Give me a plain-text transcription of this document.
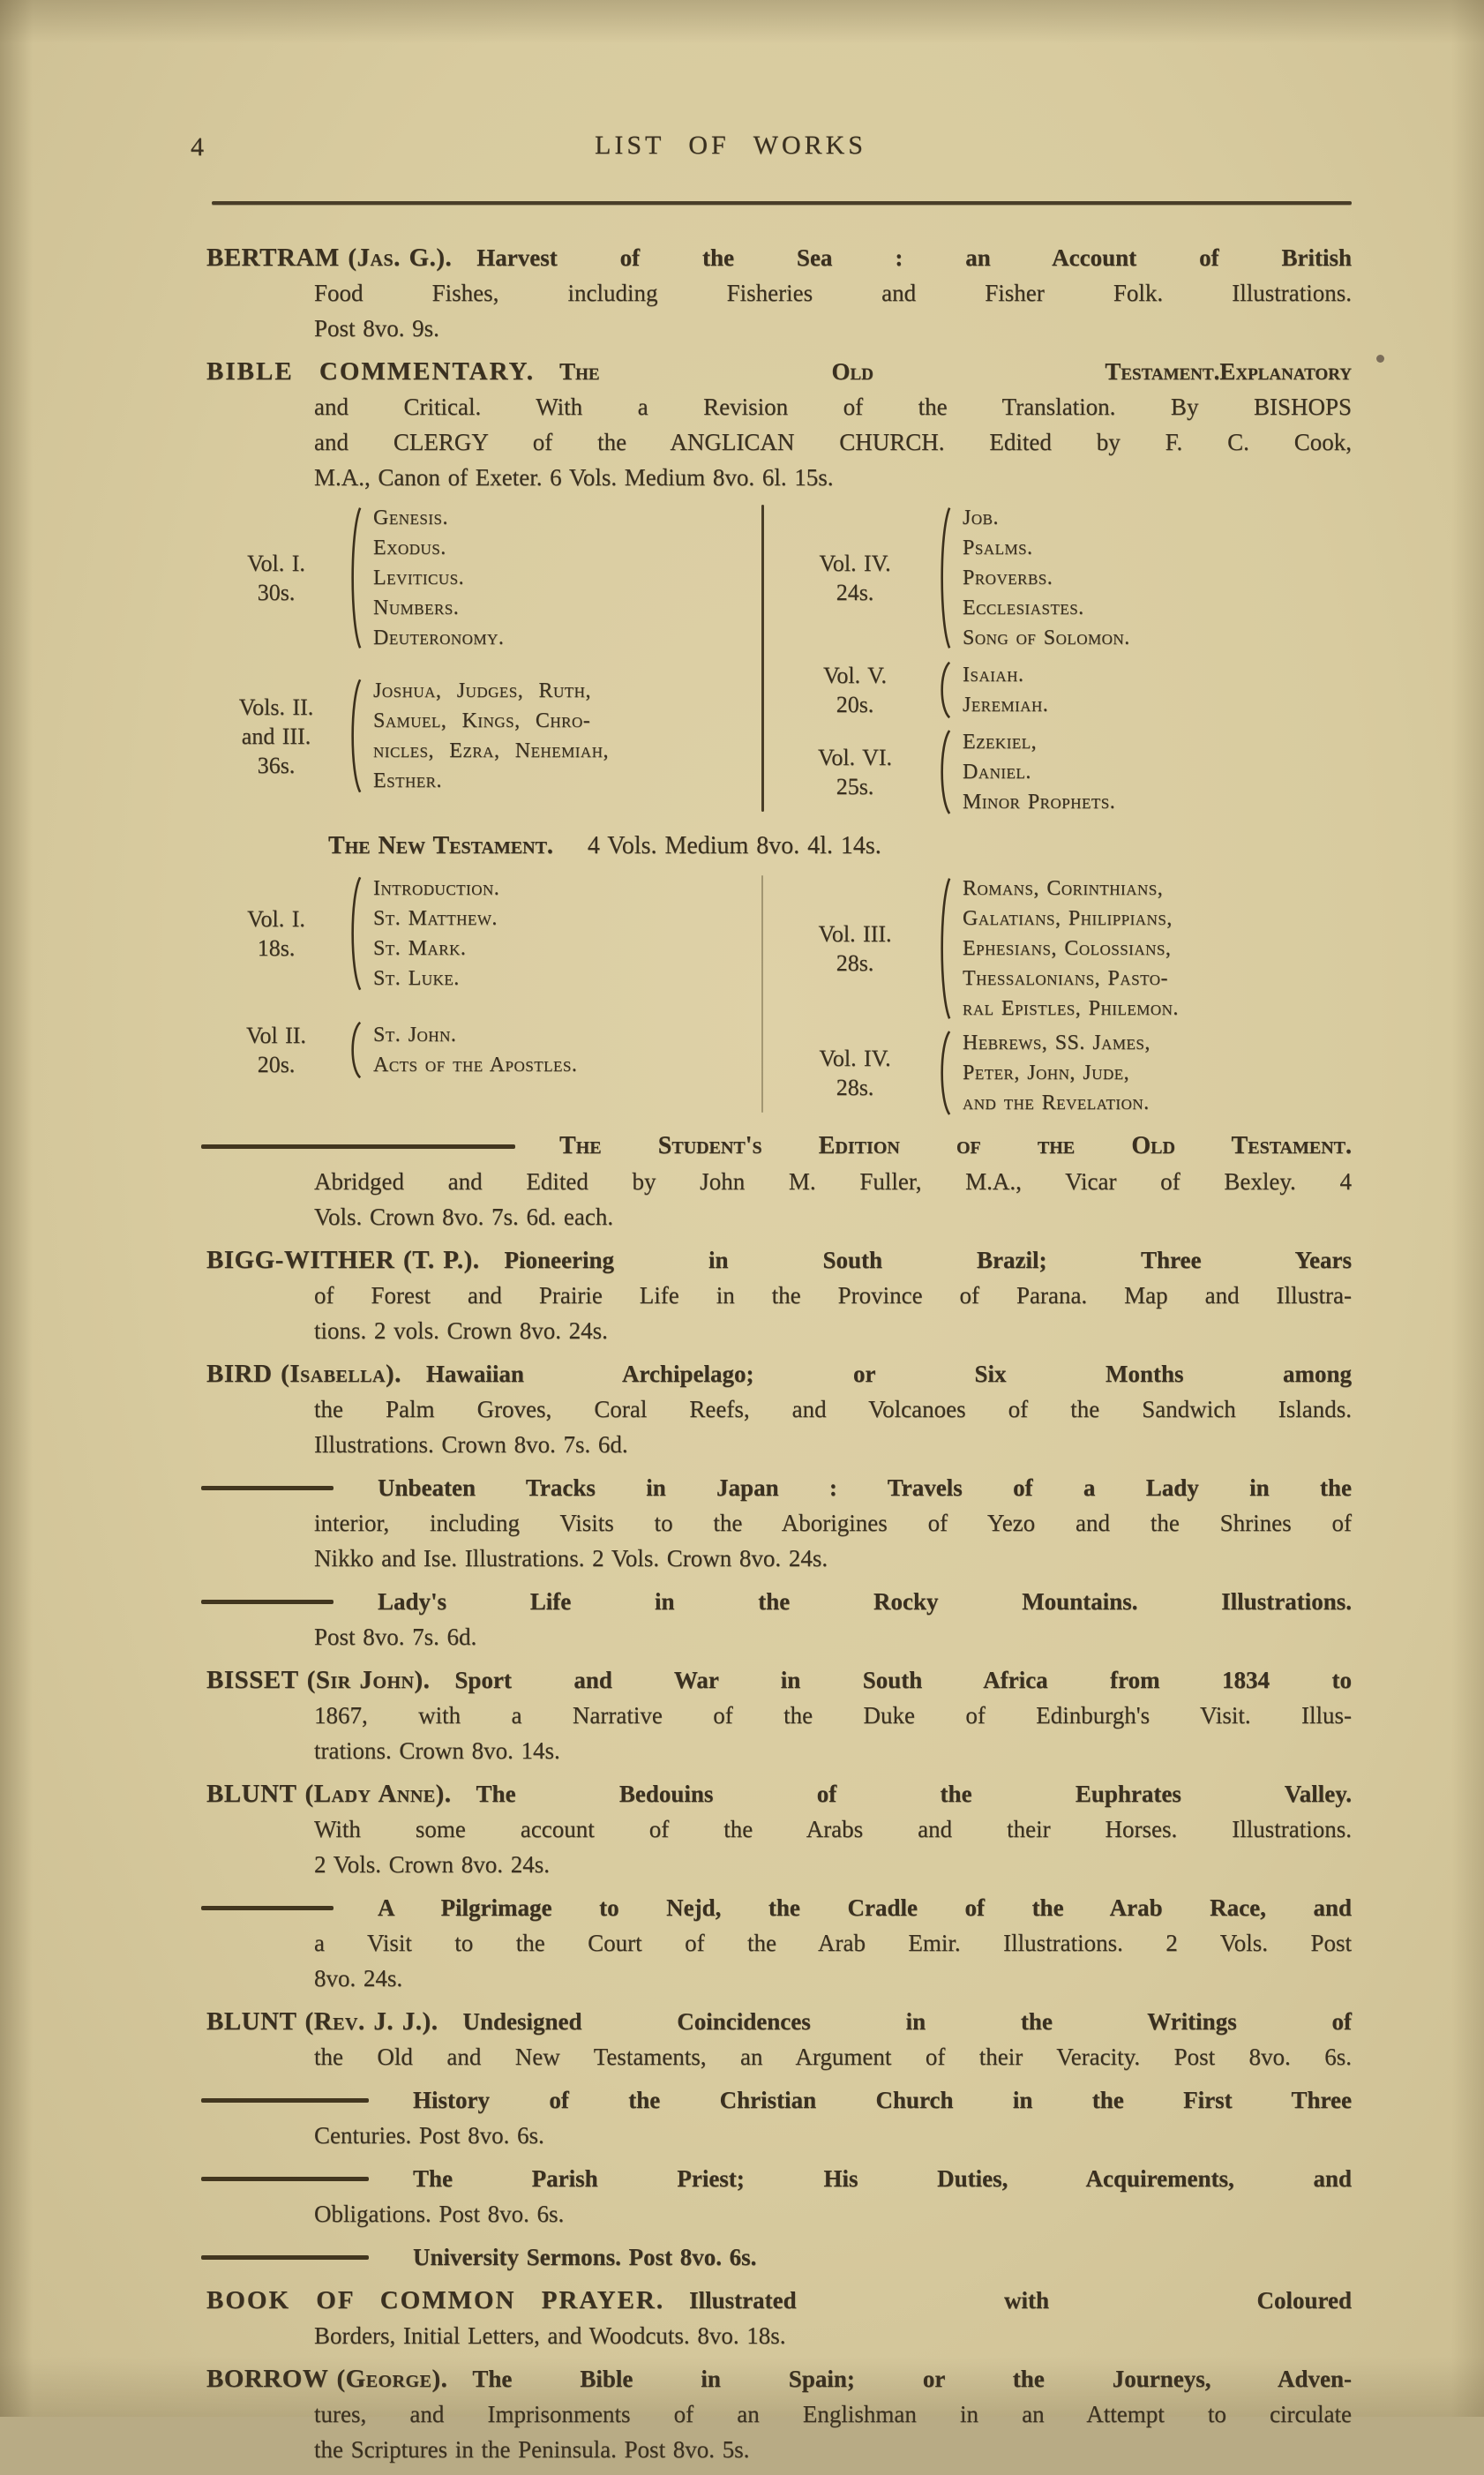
4	LIST OF WORKS
BERTRAM (Jas. G.). Harvest of the Sea : an Account of British
Food Fishes, including Fisheries and Fisher Folk. Illustrations.
Post 8vo. 9s.
BIBLE COMMENTARY. The Old Testament. Explanatory
and Critical. With a Revision of the Translation. By BISHOPS
and CLERGY of the ANGLICAN CHURCH. Edited by F. C. Cook,
M.A., Canon of Exeter. 6 Vols. Medium 8vo. 6l. 15s.
Vol. I.
30s.
Genesis.
Exodus.
Leviticus.
Numbers.
Deuteronomy.
Vols. II.
and III.
36s.
Joshua, Judges, Ruth,
Samuel, Kings, Chro-
nicles, Ezra, Nehemiah,
Esther.
Vol. IV.
24s.
Job.
Psalms.
Proverbs.
Ecclesiastes.
Song of Solomon.
Vol. V.
20s.
Isaiah.
Jeremiah.
Vol. VI.
25s.
Ezekiel,
Daniel.
Minor Prophets.
The New Testament. 4 Vols. Medium 8vo. 4l. 14s.
Vol. I.
18s.
Introduction.
St. Matthew.
St. Mark.
St. Luke.
Vol II.
20s.
St. John.
Acts of the Apostles.
Vol. III.
28s.
Romans, Corinthians,
Galatians, Philippians,
Ephesians, Colossians,
Thessalonians, Pasto-
ral Epistles, Philemon.
Vol. IV.
28s.
Hebrews, SS. James,
Peter, John, Jude,
and the Revelation.
The Student's Edition of the Old Testament.
Abridged and Edited by John M. Fuller, M.A., Vicar of Bexley. 4
Vols. Crown 8vo. 7s. 6d. each.
BIGG-WITHER (T. P.). Pioneering in South Brazil; Three Years
of Forest and Prairie Life in the Province of Parana. Map and Illustra-
tions. 2 vols. Crown 8vo. 24s.
BIRD (Isabella). Hawaiian Archipelago; or Six Months among
the Palm Groves, Coral Reefs, and Volcanoes of the Sandwich Islands.
Illustrations. Crown 8vo. 7s. 6d.
Unbeaten Tracks in Japan : Travels of a Lady in the
interior, including Visits to the Aborigines of Yezo and the Shrines of
Nikko and Ise. Illustrations. 2 Vols. Crown 8vo. 24s.
Lady's Life in the Rocky Mountains. Illustrations.
Post 8vo. 7s. 6d.
BISSET (Sir John). Sport and War in South Africa from 1834 to
1867, with a Narrative of the Duke of Edinburgh's Visit. Illus-
trations. Crown 8vo. 14s.
BLUNT (Lady Anne). The Bedouins of the Euphrates Valley.
With some account of the Arabs and their Horses. Illustrations.
2 Vols. Crown 8vo. 24s.
A Pilgrimage to Nejd, the Cradle of the Arab Race, and
a Visit to the Court of the Arab Emir. Illustrations. 2 Vols. Post
8vo. 24s.
BLUNT (Rev. J. J.). Undesigned Coincidences in the Writings of
the Old and New Testaments, an Argument of their Veracity. Post 8vo. 6s.
History of the Christian Church in the First Three
Centuries. Post 8vo. 6s.
The Parish Priest; His Duties, Acquirements, and
Obligations. Post 8vo. 6s.
University Sermons. Post 8vo. 6s.
BOOK OF COMMON PRAYER. Illustrated with Coloured
Borders, Initial Letters, and Woodcuts. 8vo. 18s.
BORROW (George). The Bible in Spain; or the Journeys, Adven-
tures, and Imprisonments of an Englishman in an Attempt to circulate
the Scriptures in the Peninsula. Post 8vo. 5s.
